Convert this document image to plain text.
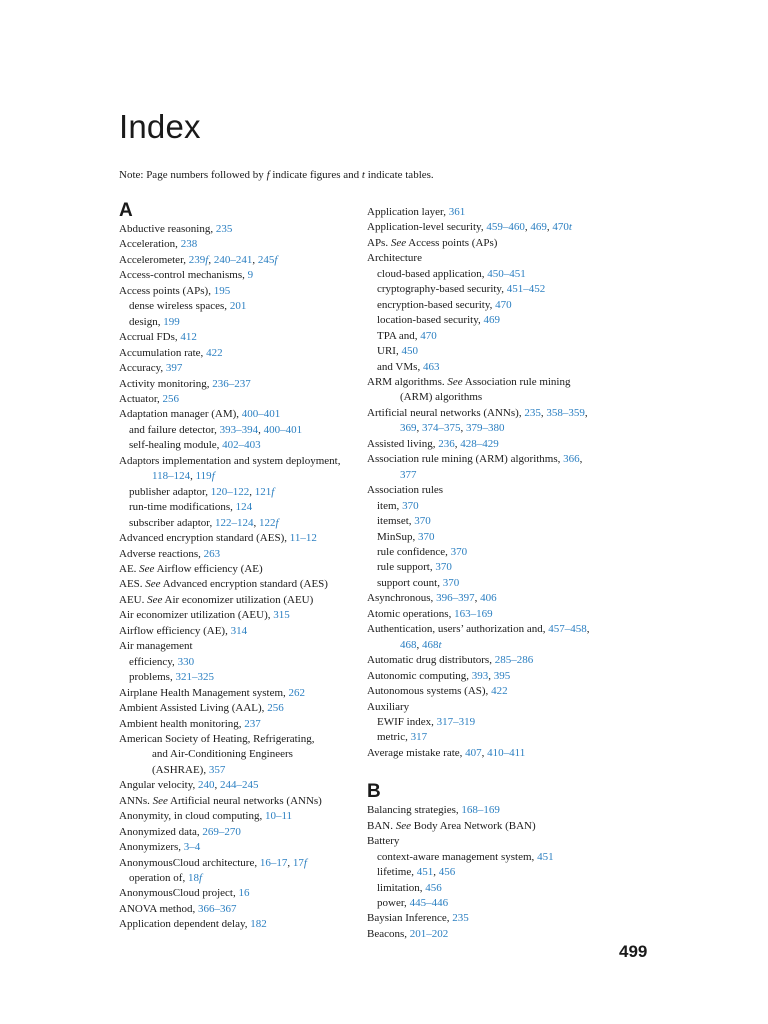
Index
Note: Page numbers followed by f indicate figures and t indicate tables.
A
Abductive reasoning, 235
Acceleration, 238
Accelerometer, 239f, 240–241, 245f
Access-control mechanisms, 9
Access points (APs), 195
dense wireless spaces, 201
design, 199
Accrual FDs, 412
Accumulation rate, 422
Accuracy, 397
Activity monitoring, 236–237
Actuator, 256
Adaptation manager (AM), 400–401
and failure detector, 393–394, 400–401
self-healing module, 402–403
Adaptors implementation and system deployment,
118–124, 119f
publisher adaptor, 120–122, 121f
run-time modifications, 124
subscriber adaptor, 122–124, 122f
Advanced encryption standard (AES), 11–12
Adverse reactions, 263
AE. See Airflow efficiency (AE)
AES. See Advanced encryption standard (AES)
AEU. See Air economizer utilization (AEU)
Air economizer utilization (AEU), 315
Airflow efficiency (AE), 314
Air management
efficiency, 330
problems, 321–325
Airplane Health Management system, 262
Ambient Assisted Living (AAL), 256
Ambient health monitoring, 237
American Society of Heating, Refrigerating,
and Air-Conditioning Engineers
(ASHRAE), 357
Angular velocity, 240, 244–245
ANNs. See Artificial neural networks (ANNs)
Anonymity, in cloud computing, 10–11
Anonymized data, 269–270
Anonymizers, 3–4
AnonymousCloud architecture, 16–17, 17f
operation of, 18f
AnonymousCloud project, 16
ANOVA method, 366–367
Application dependent delay, 182
Application layer, 361
Application-level security, 459–460, 469, 470t
APs. See Access points (APs)
Architecture
cloud-based application, 450–451
cryptography-based security, 451–452
encryption-based security, 470
location-based security, 469
TPA and, 470
URI, 450
and VMs, 463
ARM algorithms. See Association rule mining
(ARM) algorithms
Artificial neural networks (ANNs), 235, 358–359,
369, 374–375, 379–380
Assisted living, 236, 428–429
Association rule mining (ARM) algorithms, 366,
377
Association rules
item, 370
itemset, 370
MinSup, 370
rule confidence, 370
rule support, 370
support count, 370
Asynchronous, 396–397, 406
Atomic operations, 163–169
Authentication, users’ authorization and, 457–458,
468, 468t
Automatic drug distributors, 285–286
Autonomic computing, 393, 395
Autonomous systems (AS), 422
Auxiliary
EWIF index, 317–319
metric, 317
Average mistake rate, 407, 410–411
B
Balancing strategies, 168–169
BAN. See Body Area Network (BAN)
Battery
context-aware management system, 451
lifetime, 451, 456
limitation, 456
power, 445–446
Baysian Inference, 235
Beacons, 201–202
499
